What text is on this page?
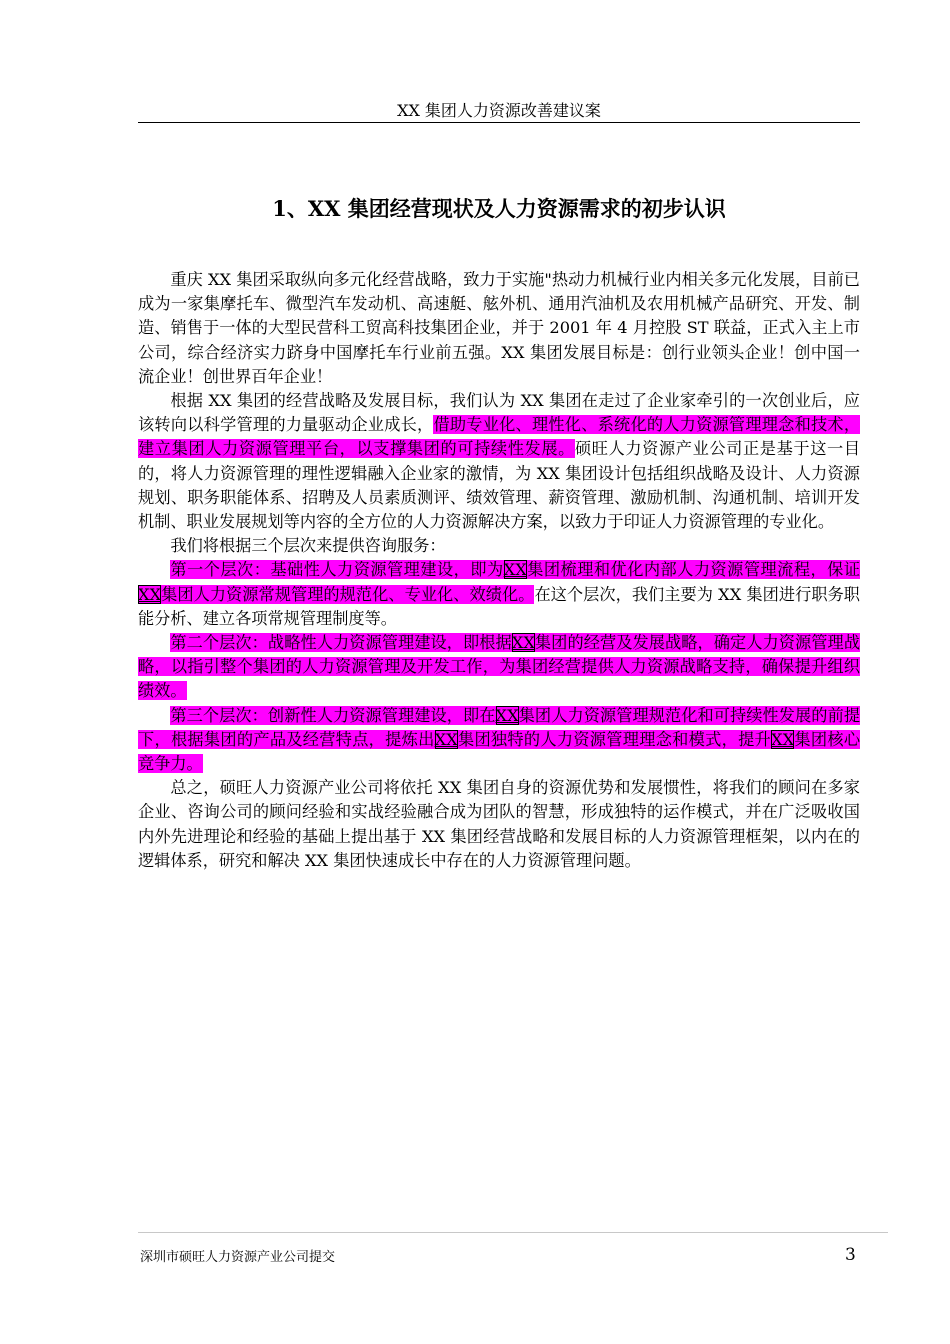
XX 集团人力资源改善建议案
1、XX 集团经营现状及人力资源需求的初步认识

重庆 XX 集团采取纵向多元化经营战略，致力于实施"热动力机械行业内相关多元化发展，目前已成为一家集摩托车、微型汽车发动机、高速艇、舷外机、通用汽油机及农用机械产品研究、开发、制造、销售于一体的大型民营科工贸高科技集团企业，并于 2001 年 4 月控股 ST 联益，正式入主上市公司，综合经济实力跻身中国摩托车行业前五强。XX 集团发展目标是：创行业领头企业！创中国一流企业！创世界百年企业！

根据 XX 集团的经营战略及发展目标，我们认为 XX 集团在走过了企业家牵引的一次创业后，应该转向以科学管理的力量驱动企业成长，借助专业化、理性化、系统化的人力资源管理理念和技术，建立集团人力资源管理平台，以支撑集团的可持续性发展。硕旺人力资源产业公司正是基于这一目的，将人力资源管理的理性逻辑融入企业家的激情，为 XX 集团设计包括组织战略及设计、人力资源规划、职务职能体系、招聘及人员素质测评、绩效管理、薪资管理、激励机制、沟通机制、培训开发机制、职业发展规划等内容的全方位的人力资源解决方案，以致力于印证人力资源管理的专业化。

我们将根据三个层次来提供咨询服务：

第一个层次：基础性人力资源管理建设，即为XX集团梳理和优化内部人力资源管理流程，保证XX集团人力资源常规管理的规范化、专业化、效绩化。在这个层次，我们主要为 XX 集团进行职务职能分析、建立各项常规管理制度等。

第二个层次：战略性人力资源管理建设，即根据XX集团的经营及发展战略，确定人力资源管理战略，以指引整个集团的人力资源管理及开发工作，为集团经营提供人力资源战略支持，确保提升组织绩效。

第三个层次：创新性人力资源管理建设，即在XX集团人力资源管理规范化和可持续性发展的前提下，根据集团的产品及经营特点，提炼出XX集团独特的人力资源管理理念和模式，提升XX集团核心竞争力。

总之，硕旺人力资源产业公司将依托 XX 集团自身的资源优势和发展惯性，将我们的顾问在多家企业、咨询公司的顾问经验和实战经验融合成为团队的智慧，形成独特的运作模式，并在广泛吸收国内外先进理论和经验的基础上提出基于 XX 集团经营战略和发展目标的人力资源管理框架，以内在的逻辑体系，研究和解决 XX 集团快速成长中存在的人力资源管理问题。

深圳市硕旺人力资源产业公司提交	3
